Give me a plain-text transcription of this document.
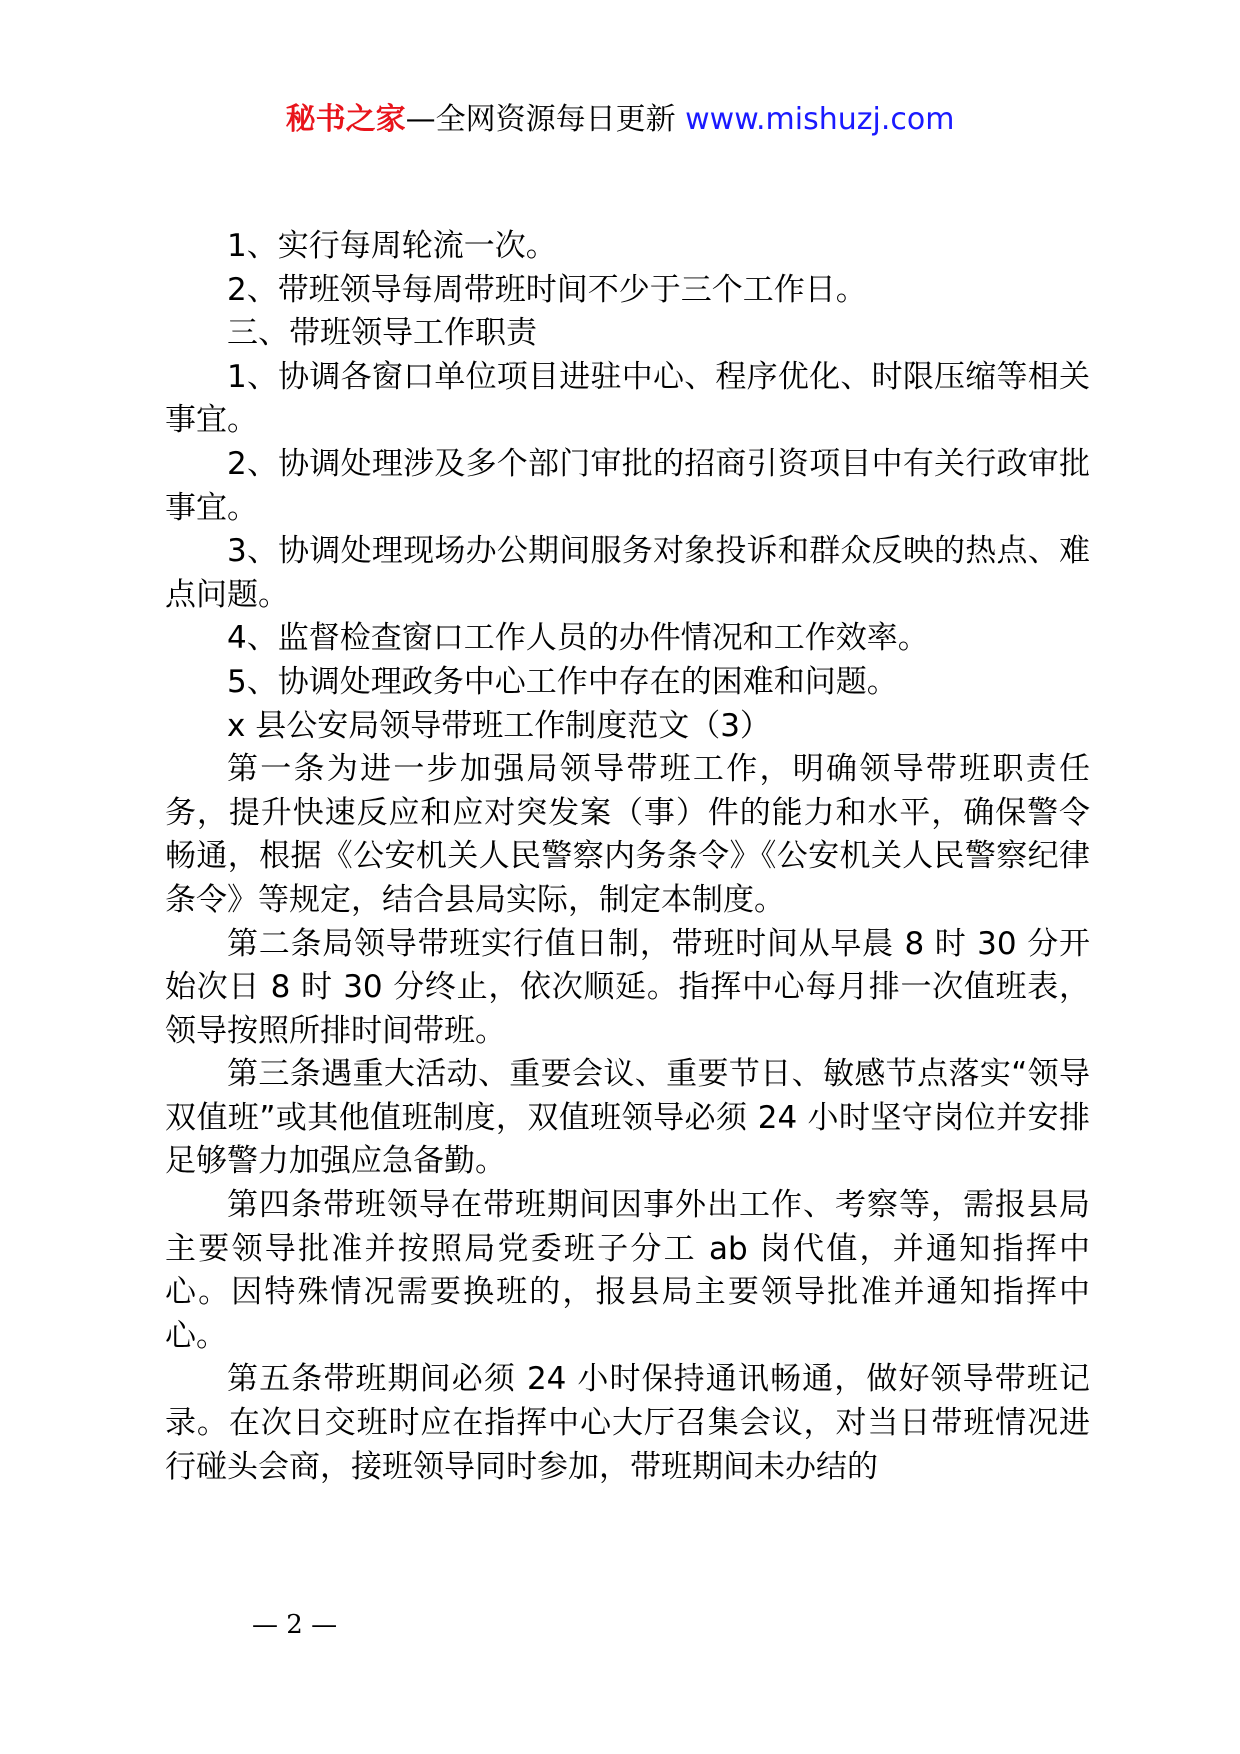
秘书之家—全网资源每日更新 www.mishuzj.com

1、实行每周轮流一次。

2、带班领导每周带班时间不少于三个工作日。

三、带班领导工作职责

1、协调各窗口单位项目进驻中心、程序优化、时限压缩等相关事宜。

2、协调处理涉及多个部门审批的招商引资项目中有关行政审批事宜。

3、协调处理现场办公期间服务对象投诉和群众反映的热点、难点问题。

4、监督检查窗口工作人员的办件情况和工作效率。

5、协调处理政务中心工作中存在的困难和问题。

x 县公安局领导带班工作制度范文（3）

第一条为进一步加强局领导带班工作，明确领导带班职责任务，提升快速反应和应对突发案（事）件的能力和水平，确保警令畅通，根据《公安机关人民警察内务条令》《公安机关人民警察纪律条令》等规定，结合县局实际，制定本制度。

第二条局领导带班实行值日制，带班时间从早晨 8 时 30 分开始次日 8 时 30 分终止，依次顺延。指挥中心每月排一次值班表，领导按照所排时间带班。

第三条遇重大活动、重要会议、重要节日、敏感节点落实“领导双值班”或其他值班制度，双值班领导必须 24 小时坚守岗位并安排足够警力加强应急备勤。

第四条带班领导在带班期间因事外出工作、考察等，需报县局主要领导批准并按照局党委班子分工 ab 岗代值，并通知指挥中心。因特殊情况需要换班的，报县局主要领导批准并通知指挥中心。

第五条带班期间必须 24 小时保持通讯畅通，做好领导带班记录。在次日交班时应在指挥中心大厅召集会议，对当日带班情况进行碰头会商，接班领导同时参加，带班期间未办结的

— 2 —
